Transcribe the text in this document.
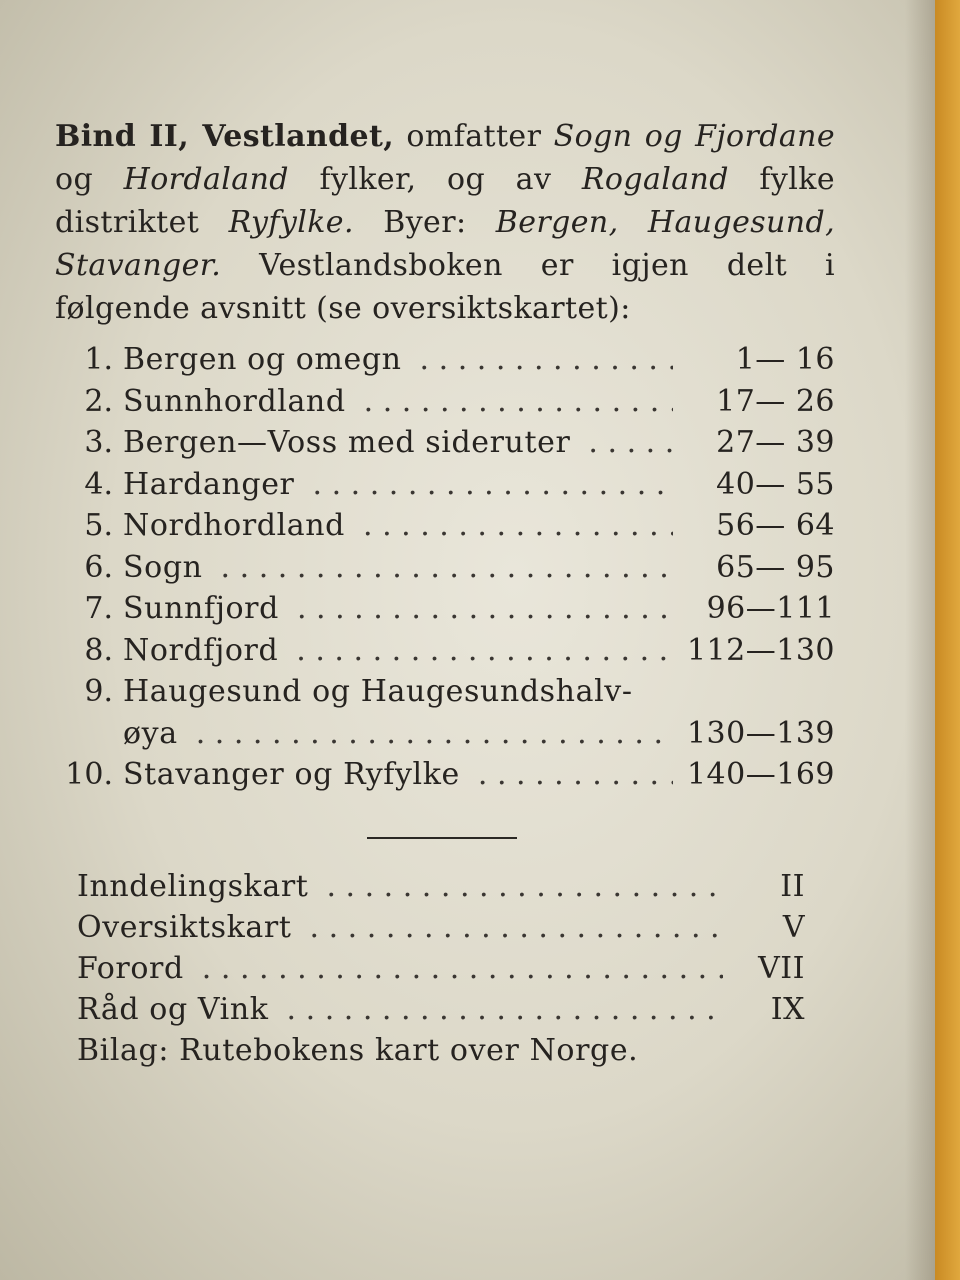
Bind II, Vestlandet, omfatter Sogn og Fjordane og Hordaland fylker, og av Rogaland fylke distriktet Ryfylke. Byer: Bergen, Haugesund, Stavanger. Vestlandsboken er igjen delt i følgende avsnitt (se oversiktskartet):

1. Bergen og omegn . . .	1— 16
2. Sunnhordland . . .	17— 26
3. Bergen—Voss med sideruter . . .	27— 39
4. Hardanger . . .	40— 55
5. Nordhordland . . .	56— 64
6. Sogn . . .	65— 95
7. Sunnfjord . . .	96—111
8. Nordfjord . . .	112—130
9. Haugesund og Haugesundshalv-
øya . . .	130—139
10. Stavanger og Ryfylke . . .	140—169
Inndelingskart . . .	II
Oversiktskart . . .	V
Forord . . .	VII
Råd og Vink . . .	IX
Bilag: Rutebokens kart over Norge.
